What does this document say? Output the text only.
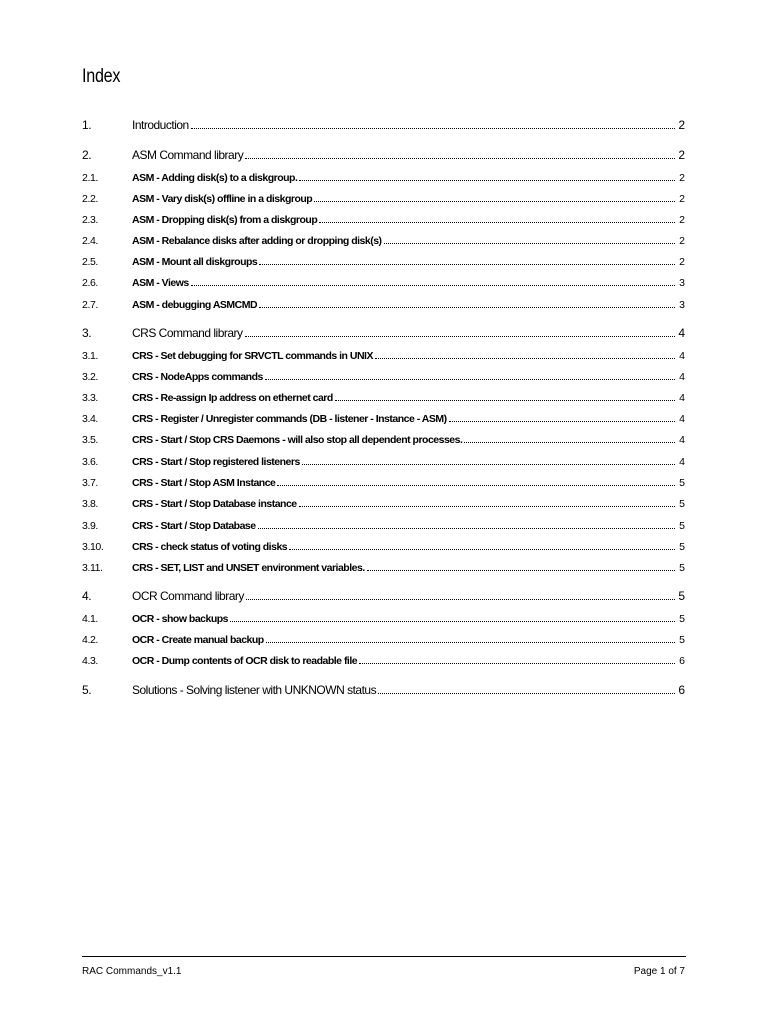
Index
1.	Introduction	2
2.	ASM Command library	2
2.1.	ASM - Adding disk(s) to a diskgroup.	2
2.2.	ASM - Vary disk(s) offline in a diskgroup	2
2.3.	ASM - Dropping disk(s) from a diskgroup	2
2.4.	ASM - Rebalance disks after adding or dropping disk(s)	2
2.5.	ASM - Mount all diskgroups	2
2.6.	ASM - Views	3
2.7.	ASM - debugging ASMCMD	3
3.	CRS Command library	4
3.1.	CRS - Set debugging for SRVCTL commands in UNIX	4
3.2.	CRS - NodeApps commands	4
3.3.	CRS - Re-assign Ip address on ethernet card	4
3.4.	CRS - Register / Unregister commands (DB - listener - Instance - ASM)	4
3.5.	CRS - Start / Stop CRS Daemons - will also stop all dependent processes.	4
3.6.	CRS - Start / Stop registered listeners	4
3.7.	CRS - Start / Stop ASM Instance	5
3.8.	CRS - Start / Stop Database instance	5
3.9.	CRS - Start / Stop Database	5
3.10.	CRS - check status of voting disks	5
3.11.	CRS - SET, LIST and UNSET environment variables.	5
4.	OCR Command library	5
4.1.	OCR - show backups	5
4.2.	OCR - Create manual backup	5
4.3.	OCR - Dump contents of OCR disk to readable file	6
5.	Solutions - Solving listener with UNKNOWN status	6
RAC Commands_v1.1	Page 1 of 7
